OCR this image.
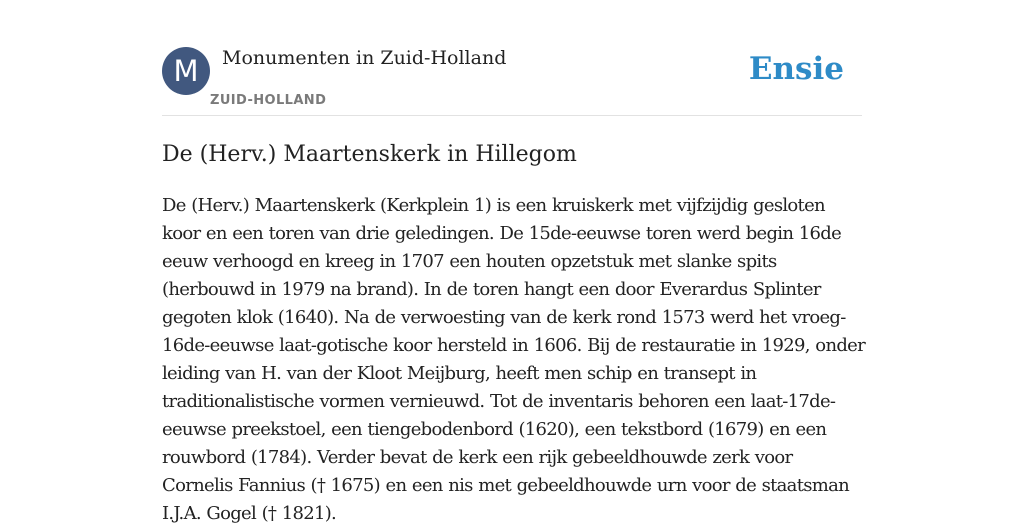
M	Monumenten in Zuid-Holland
ZUID-HOLLAND
Ensie
De (Herv.) Maartenskerk in Hillegom

De (Herv.) Maartenskerk (Kerkplein 1) is een kruiskerk met vijfzijdig gesloten koor en een toren van drie geledingen. De 15de-eeuwse toren werd begin 16de eeuw verhoogd en kreeg in 1707 een houten opzetstuk met slanke spits (herbouwd in 1979 na brand). In de toren hangt een door Everardus Splinter gegoten klok (1640). Na de verwoesting van de kerk rond 1573 werd het vroeg-16de-eeuwse laat-gotische koor hersteld in 1606. Bij de restauratie in 1929, onder leiding van H. van der Kloot Meijburg, heeft men schip en transept in traditionalistische vormen vernieuwd. Tot de inventaris behoren een laat-17de-eeuwse preekstoel, een tiengebodenbord (1620), een tekstbord (1679) en een rouwbord (1784). Verder bevat de kerk een rijk gebeeldhouwde zerk voor Cornelis Fannius († 1675) en een nis met gebeeldhouwde urn voor de staatsman I.J.A. Gogel († 1821).
